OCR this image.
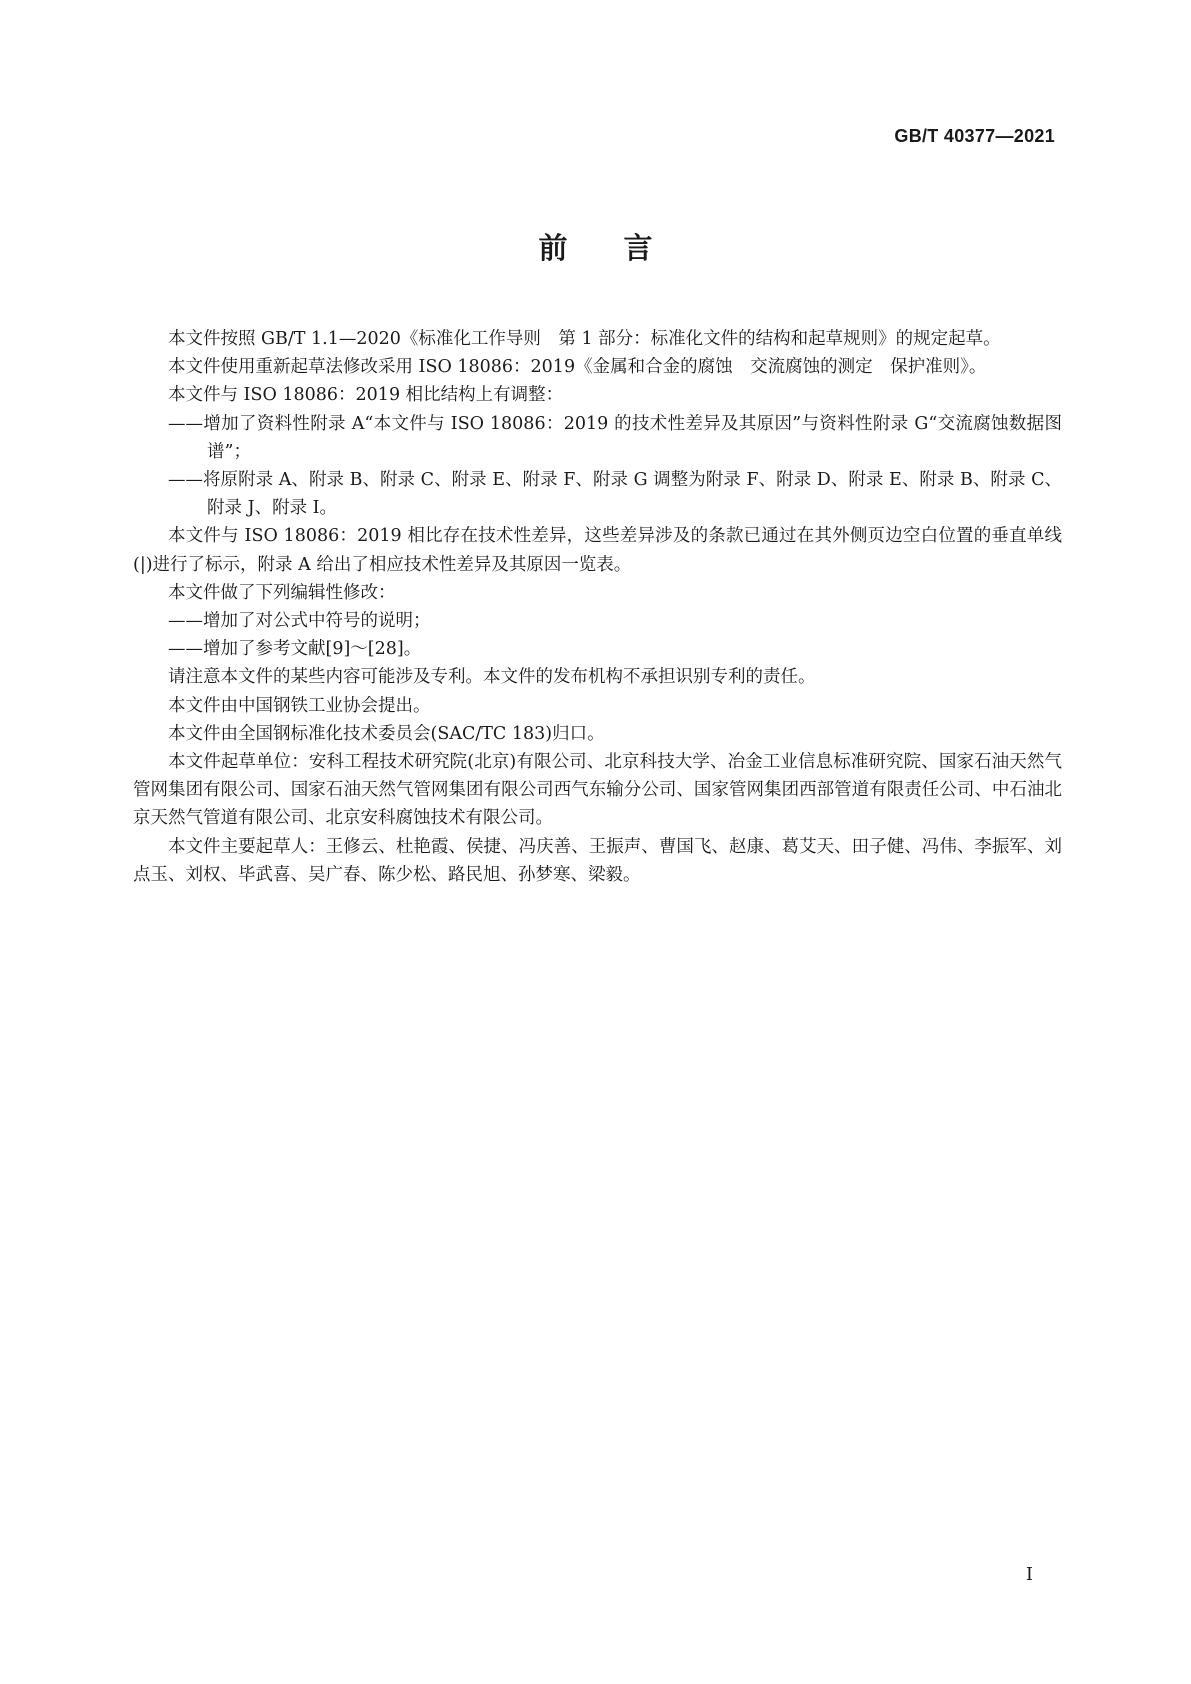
GB/T 40377—2021
前言

本文件按照 GB/T 1.1—2020《标准化工作导则　第 1 部分：标准化文件的结构和起草规则》的规定起草。

本文件使用重新起草法修改采用 ISO 18086：2019《金属和合金的腐蚀　交流腐蚀的测定　保护准则》。

本文件与 ISO 18086：2019 相比结构上有调整：

——增加了资料性附录 A“本文件与 ISO 18086：2019 的技术性差异及其原因”与资料性附录 G“交流腐蚀数据图谱”；

——将原附录 A、附录 B、附录 C、附录 E、附录 F、附录 G 调整为附录 F、附录 D、附录 E、附录 B、附录 C、附录 J、附录 I。

本文件与 ISO 18086：2019 相比存在技术性差异，这些差异涉及的条款已通过在其外侧页边空白位置的垂直单线(|)进行了标示，附录 A 给出了相应技术性差异及其原因一览表。

本文件做了下列编辑性修改：

——增加了对公式中符号的说明；

——增加了参考文献[9]～[28]。

请注意本文件的某些内容可能涉及专利。本文件的发布机构不承担识别专利的责任。

本文件由中国钢铁工业协会提出。

本文件由全国钢标准化技术委员会(SAC/TC 183)归口。

本文件起草单位：安科工程技术研究院(北京)有限公司、北京科技大学、冶金工业信息标准研究院、国家石油天然气管网集团有限公司、国家石油天然气管网集团有限公司西气东输分公司、国家管网集团西部管道有限责任公司、中石油北京天然气管道有限公司、北京安科腐蚀技术有限公司。

本文件主要起草人：王修云、杜艳霞、侯捷、冯庆善、王振声、曹国飞、赵康、葛艾天、田子健、冯伟、李振军、刘点玉、刘权、毕武喜、吴广春、陈少松、路民旭、孙梦寒、梁毅。

I
